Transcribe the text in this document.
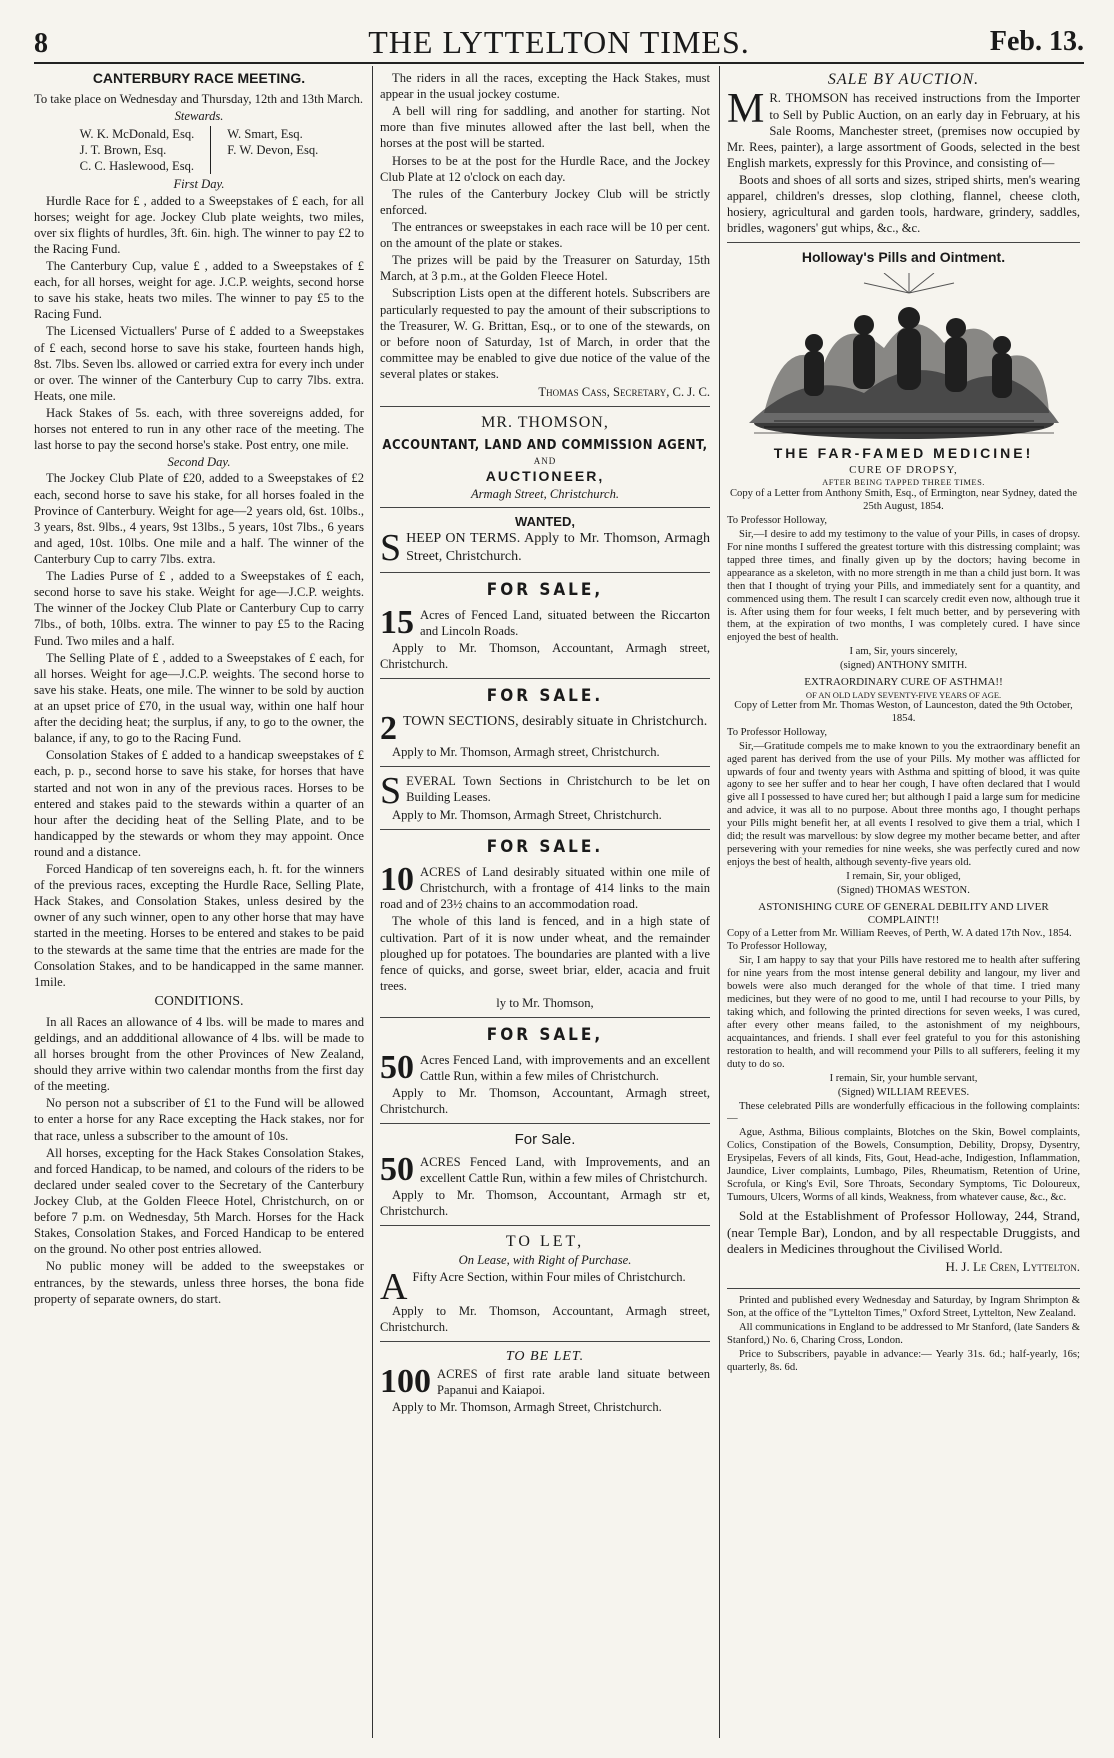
8	THE LYTTELTON TIMES.	Feb. 13.
CANTERBURY RACE MEETING.

To take place on Wednesday and Thursday, 12th and 13th March.

Stewards.
W. K. McDonald, Esq.
J. T. Brown, Esq.
C. C. Haslewood, Esq.
W. Smart, Esq.
F. W. Devon, Esq.
First Day.

Hurdle Race for £ , added to a Sweepstakes of £ each, for all horses; weight for age. Jockey Club plate weights, two miles, over six flights of hurdles, 3ft. 6in. high. The winner to pay £2 to the Racing Fund.

The Canterbury Cup, value £ , added to a Sweepstakes of £ each, for all horses, weight for age. J.C.P. weights, second horse to save his stake, heats two miles. The winner to pay £5 to the Racing Fund.

The Licensed Victuallers' Purse of £ added to a Sweepstakes of £ each, second horse to save his stake, fourteen hands high, 8st. 7lbs. Seven lbs. allowed or carried extra for every inch under or over. The winner of the Canterbury Cup to carry 7lbs. extra. Heats, one mile.

Hack Stakes of 5s. each, with three sovereigns added, for horses not entered to run in any other race of the meeting. The last horse to pay the second horse's stake. Post entry, one mile.

Second Day.

The Jockey Club Plate of £20, added to a Sweepstakes of £2 each, second horse to save his stake, for all horses foaled in the Province of Canterbury. Weight for age—2 years old, 6st. 10lbs., 3 years, 8st. 9lbs., 4 years, 9st 13lbs., 5 years, 10st 7lbs., 6 years and aged, 10st. 10lbs. One mile and a half. The winner of the Canterbury Cup to carry 7lbs. extra.

The Ladies Purse of £ , added to a Sweepstakes of £ each, second horse to save his stake. Weight for age—J.C.P. weights. The winner of the Jockey Club Plate or Canterbury Cup to carry 7lbs., of both, 10lbs. extra. The winner to pay £5 to the Racing Fund. Two miles and a half.

The Selling Plate of £ , added to a Sweepstakes of £ each, for all horses. Weight for age—J.C.P. weights. The second horse to save his stake. Heats, one mile. The winner to be sold by auction at an upset price of £70, in the usual way, within one half hour after the deciding heat; the surplus, if any, to go to the owner, the balance, if any, to go to the Racing Fund.

Consolation Stakes of £ added to a handicap sweepstakes of £ each, p. p., second horse to save his stake, for horses that have started and not won in any of the previous races. Horses to be entered and stakes paid to the stewards within a quarter of an hour after the deciding heat of the Selling Plate, and to be handicapped by the stewards or whom they may appoint. Once round and a distance.

Forced Handicap of ten sovereigns each, h. ft. for the winners of the previous races, excepting the Hurdle Race, Selling Plate, Hack Stakes, and Consolation Stakes, unless desired by the owner of any such winner, open to any other horse that may have started in the meeting. Horses to be entered and stakes to be paid to the stewards at the same time that the entries are made for the Consolation Stakes, and to be handicapped in the same manner. 1mile.

CONDITIONS.

In all Races an allowance of 4 lbs. will be made to mares and geldings, and an addditional allowance of 4 lbs. will be made to all horses brought from the other Provinces of New Zealand, should they arrive within two calendar months from the first day of the meeting.

No person not a subscriber of £1 to the Fund will be allowed to enter a horse for any Race excepting the Hack stakes, nor for that race, unless a subscriber to the amount of 10s.

All horses, excepting for the Hack Stakes Consolation Stakes, and forced Handicap, to be named, and colours of the riders to be declared under sealed cover to the Secretary of the Canterbury Jockey Club, at the Golden Fleece Hotel, Christchurch, on or before 7 p.m. on Wednesday, 5th March. Horses for the Hack Stakes, Consolation Stakes, and Forced Handicap to be entered on the ground. No other post entries allowed.

No public money will be added to the sweepstakes or entrances, by the stewards, unless three horses, the bona fide property of separate owners, do start.

The riders in all the races, excepting the Hack Stakes, must appear in the usual jockey costume.

A bell will ring for saddling, and another for starting. Not more than five minutes allowed after the last bell, when the horses at the post will be started.

Horses to be at the post for the Hurdle Race, and the Jockey Club Plate at 12 o'clock on each day.

The rules of the Canterbury Jockey Club will be strictly enforced.

The entrances or sweepstakes in each race will be 10 per cent. on the amount of the plate or stakes.

The prizes will be paid by the Treasurer on Saturday, 15th March, at 3 p.m., at the Golden Fleece Hotel.

Subscription Lists open at the different hotels. Subscribers are particularly requested to pay the amount of their subscriptions to the Treasurer, W. G. Brittan, Esq., or to one of the stewards, on or before noon of Saturday, 1st of March, in order that the committee may be enabled to give due notice of the value of the several plates or stakes.

Thomas Cass, Secretary, C. J. C.
MR. THOMSON,
ACCOUNTANT, LAND AND COMMISSION AGENT,
AND
AUCTIONEER,
Armagh Street, Christchurch.
WANTED,
S HEEP ON TERMS. Apply to Mr. Thomson, Armagh Street, Christchurch.

FOR SALE,
15 Acres of Fenced Land, situated between the Riccarton and Lincoln Roads.

Apply to Mr. Thomson, Accountant, Armagh street, Christchurch.

FOR SALE.
2 TOWN SECTIONS, desirably situate in Christchurch.

Apply to Mr. Thomson, Armagh street, Christchurch.

S EVERAL Town Sections in Christchurch to be let on Building Leases.

Apply to Mr. Thomson, Armagh Street, Christchurch.

FOR SALE.
10 ACRES of Land desirably situated within one mile of Christchurch, with a frontage of 414 links to the main road and of 23½ chains to an accommodation road.

The whole of this land is fenced, and in a high state of cultivation. Part of it is now under wheat, and the remainder ploughed up for potatoes. The boundaries are planted with a live fence of quicks, and gorse, sweet briar, elder, acacia and fruit trees.

ly to Mr. Thomson,

FOR SALE,
50 Acres Fenced Land, with improvements and an excellent Cattle Run, within a few miles of Christchurch.

Apply to Mr. Thomson, Accountant, Armagh street, Christchurch.

For Sale.
50 ACRES Fenced Land, with Improvements, and an excellent Cattle Run, within a few miles of Christchurch.

Apply to Mr. Thomson, Accountant, Armagh str et, Christchurch.

TO LET,
On Lease, with Right of Purchase.
A Fifty Acre Section, within Four miles of Christchurch.

Apply to Mr. Thomson, Accountant, Armagh street, Christchurch.

TO BE LET.
100 ACRES of first rate arable land situate between Papanui and Kaiapoi.

Apply to Mr. Thomson, Armagh Street, Christchurch.

SALE BY AUCTION.
M R. THOMSON has received instructions from the Importer to Sell by Public Auction, on an early day in February, at his Sale Rooms, Manchester street, (premises now occupied by Mr. Rees, painter), a large assortment of Goods, selected in the best English markets, expressly for this Province, and consisting of—

Boots and shoes of all sorts and sizes, striped shirts, men's wearing apparel, children's dresses, slop clothing, flannel, cheese cloth, hosiery, agricultural and garden tools, hardware, grindery, saddles, bridles, wagoners' gut whips, &c., &c.

Holloway's Pills and Ointment.
THE FAR-FAMED MEDICINE!
CURE OF DROPSY,
AFTER BEING TAPPED THREE TIMES.

Copy of a Letter from Anthony Smith, Esq., of Ermington, near Sydney, dated the 25th August, 1854.

To Professor Holloway,

Sir,—I desire to add my testimony to the value of your Pills, in cases of dropsy. For nine months I suffered the greatest torture with this distressing complaint; was tapped three times, and finally given up by the doctors; having become in appearance as a skeleton, with no more strength in me than a child just born. It was then that I thought of trying your Pills, and immediately sent for a quantity, and commenced using them. The result I can scarcely credit even now, although true it is. After using them for four weeks, I felt much better, and by persevering with them, at the expiration of two months, I was completely cured. I have since enjoyed the best of health.

I am, Sir, yours sincerely,

(signed) ANTHONY SMITH.

EXTRAORDINARY CURE OF ASTHMA!!
OF AN OLD LADY SEVENTY-FIVE YEARS OF AGE.

Copy of Letter from Mr. Thomas Weston, of Launceston, dated the 9th October, 1854.

To Professor Holloway,

Sir,—Gratitude compels me to make known to you the extraordinary benefit an aged parent has derived from the use of your Pills. My mother was afflicted for upwards of four and twenty years with Asthma and spitting of blood, it was quite agony to see her suffer and to hear her cough, I have often declared that I would give all I possessed to have cured her; but although I paid a large sum for medicine and advice, it was all to no purpose. About three months ago, I thought perhaps your Pills might benefit her, at all events I resolved to give them a trial, which I did; the result was marvellous: by slow degree my mother became better, and after persevering with your remedies for nine weeks, she was perfectly cured and now enjoys the best of health, although seventy-five years old.

I remain, Sir, your obliged,

(Signed) THOMAS WESTON.

ASTONISHING CURE OF GENERAL DEBILITY AND LIVER COMPLAINT!!

Copy of a Letter from Mr. William Reeves, of Perth, W. A dated 17th Nov., 1854.

To Professor Holloway,

Sir, I am happy to say that your Pills have restored me to health after suffering for nine years from the most intense general debility and langour, my liver and bowels were also much deranged for the whole of that time. I tried many medicines, but they were of no good to me, until I had recourse to your Pills, by taking which, and following the printed directions for seven weeks, I was cured, after every other means failed, to the astonishment of my neighbours, acquaintances, and friends. I shall ever feel grateful to you for this astonishing restoration to health, and will recommend your Pills to all sufferers, feeling it my duty to do so.

I remain, Sir, your humble servant,

(Signed) WILLIAM REEVES.

These celebrated Pills are wonderfully efficacious in the following complaints:—

Ague, Asthma, Bilious complaints, Blotches on the Skin, Bowel complaints, Colics, Constipation of the Bowels, Consumption, Debility, Dropsy, Dysentry, Erysipelas, Fevers of all kinds, Fits, Gout, Head-ache, Indigestion, Inflammation, Jaundice, Liver complaints, Lumbago, Piles, Rheumatism, Retention of Urine, Scrofula, or King's Evil, Sore Throats, Secondary Symptoms, Tic Doloureux, Tumours, Ulcers, Worms of all kinds, Weakness, from whatever cause, &c., &c.

Sold at the Establishment of Professor Holloway, 244, Strand, (near Temple Bar), London, and by all respectable Druggists, and dealers in Medicines throughout the Civilised World.

H. J. Le Cren, Lyttelton.

Printed and published every Wednesday and Saturday, by Ingram Shrimpton & Son, at the office of the "Lyttelton Times," Oxford Street, Lyttelton, New Zealand.

All communications in England to be addressed to Mr Stanford, (late Sanders & Stanford,) No. 6, Charing Cross, London.

Price to Subscribers, payable in advance:— Yearly 31s. 6d.; half-yearly, 16s; quarterly, 8s. 6d.
